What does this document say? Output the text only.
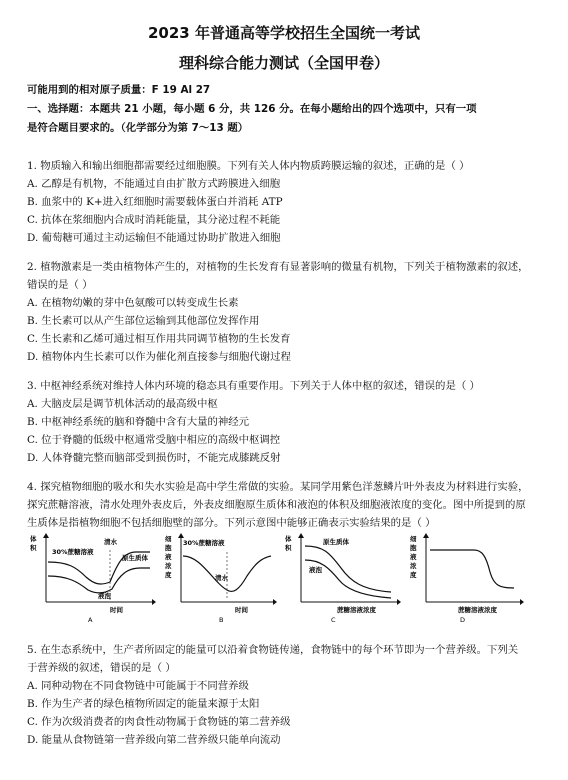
2023 年普通高等学校招生全国统一考试
理科综合能力测试（全国甲卷）
可能用到的相对原子质量：F 19 Al 27
一、选择题：本题共 21 小题，每小题 6 分，共 126 分。在每小题给出的四个选项中，只有一项
是符合题目要求的。（化学部分为第 7～13 题）
1. 物质输入和输出细胞都需要经过细胞膜。下列有关人体内物质跨膜运输的叙述，正确的是（ ）
A. 乙醇是有机物，不能通过自由扩散方式跨膜进入细胞
B. 血浆中的 K+进入红细胞时需要载体蛋白并消耗 ATP
C. 抗体在浆细胞内合成时消耗能量，其分泌过程不耗能
D. 葡萄糖可通过主动运输但不能通过协助扩散进入细胞
2. 植物激素是一类由植物体产生的，对植物的生长发育有显著影响的微量有机物，下列关于植物激素的叙述，
错误的是（ ）
A. 在植物幼嫩的芽中色氨酸可以转变成生长素
B. 生长素可以从产生部位运输到其他部位发挥作用
C. 生长素和乙烯可通过相互作用共同调节植物的生长发育
D. 植物体内生长素可以作为催化剂直接参与细胞代谢过程
3. 中枢神经系统对维持人体内环境的稳态具有重要作用。下列关于人体中枢的叙述，错误的是（ ）
A. 大脑皮层是调节机体活动的最高级中枢
B. 中枢神经系统的脑和脊髓中含有大量的神经元
C. 位于脊髓的低级中枢通常受脑中相应的高级中枢调控
D. 人体脊髓完整而脑部受到损伤时，不能完成膝跳反射
4. 探究植物细胞的吸水和失水实验是高中学生常做的实验。某同学用紫色洋葱鳞片叶外表皮为材料进行实验，
探究蔗糖溶液，清水处理外表皮后，外表皮细胞原生质体和液泡的体积及细胞液浓度的变化。图中所提到的原
生质体是指植物细胞不包括细胞壁的部分。下列示意图中能够正确表示实验结果的是（ ）
体
积 30%蔗糖溶液
清水
原生质体
液泡
时间
A
细
胞
液
浓
度
30%蔗糖溶液
清水
时间
B
体
积
原生质体
液泡
蔗糖溶液浓度
C
细
胞
液
浓
度
蔗糖溶液浓度
D
5. 在生态系统中，生产者所固定的能量可以沿着食物链传递，食物链中的每个环节即为一个营养级。下列关
于营养级的叙述，错误的是（ ）
A. 同种动物在不同食物链中可能属于不同营养级
B. 作为生产者的绿色植物所固定的能量来源于太阳
C. 作为次级消费者的肉食性动物属于食物链的第二营养级
D. 能量从食物链第一营养级向第二营养级只能单向流动
